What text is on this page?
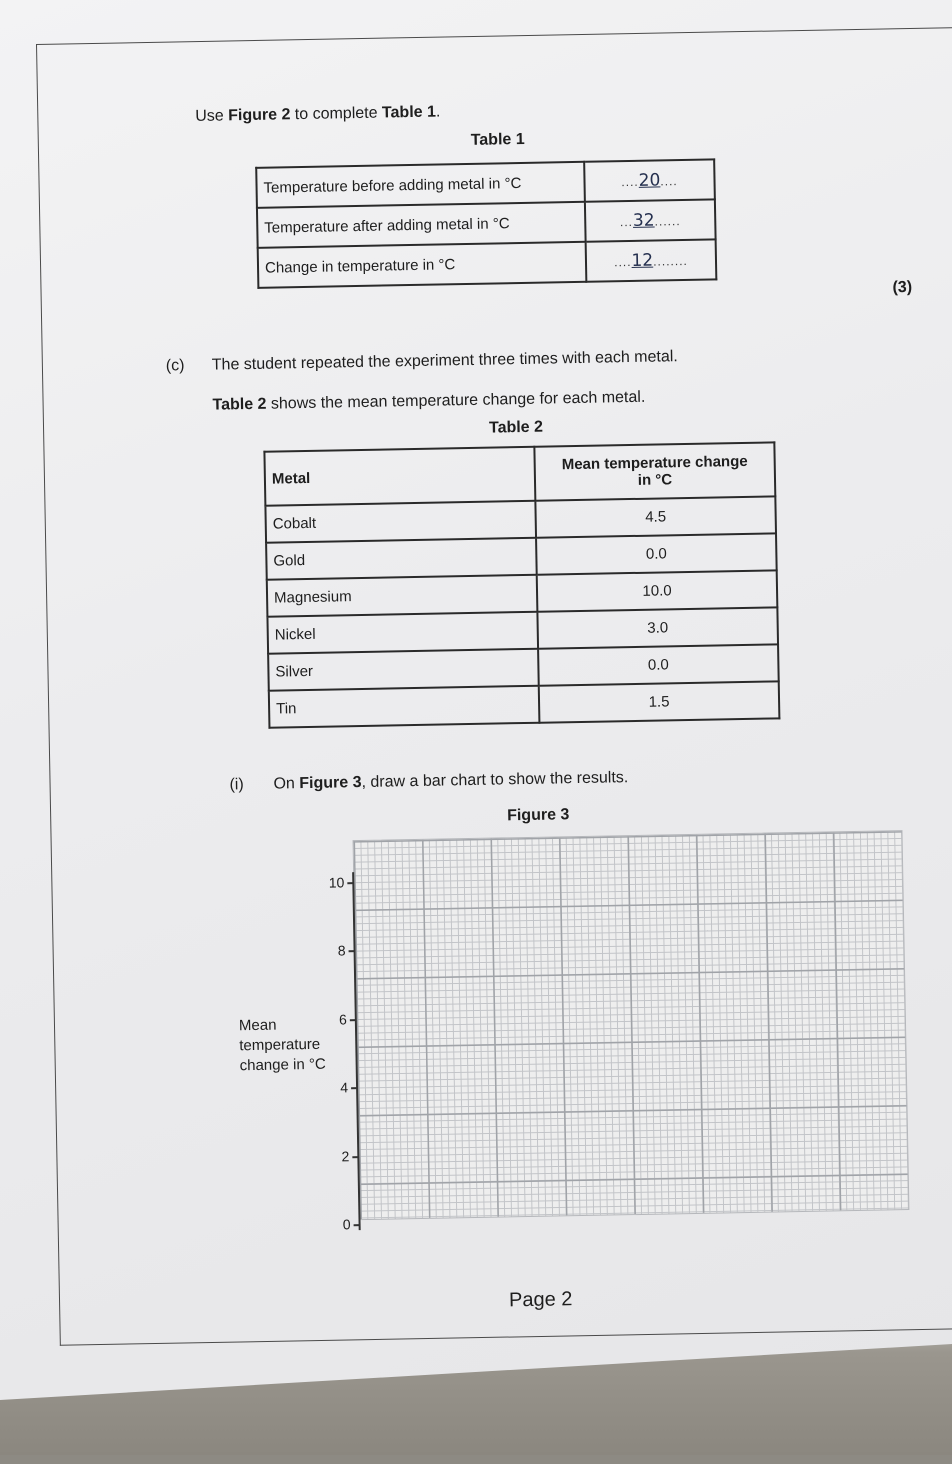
Use Figure 2 to complete Table 1.
Table 1
Temperature before adding metal in °C	....20....
Temperature after adding metal in °C	...32......
Change in temperature in °C	....12........
(3)
(c) The student repeated the experiment three times with each metal.
Table 2 shows the mean temperature change for each metal.
Table 2
Metal	Mean temperature change
in °C

Cobalt	4.5
Gold	0.0
Magnesium	10.0
Nickel	3.0
Silver	0.0
Tin	1.5
(i) On Figure 3, draw a bar chart to show the results.
Figure 3
10
8
6
4
2
0
Mean
temperature
change in °C
Page 2
